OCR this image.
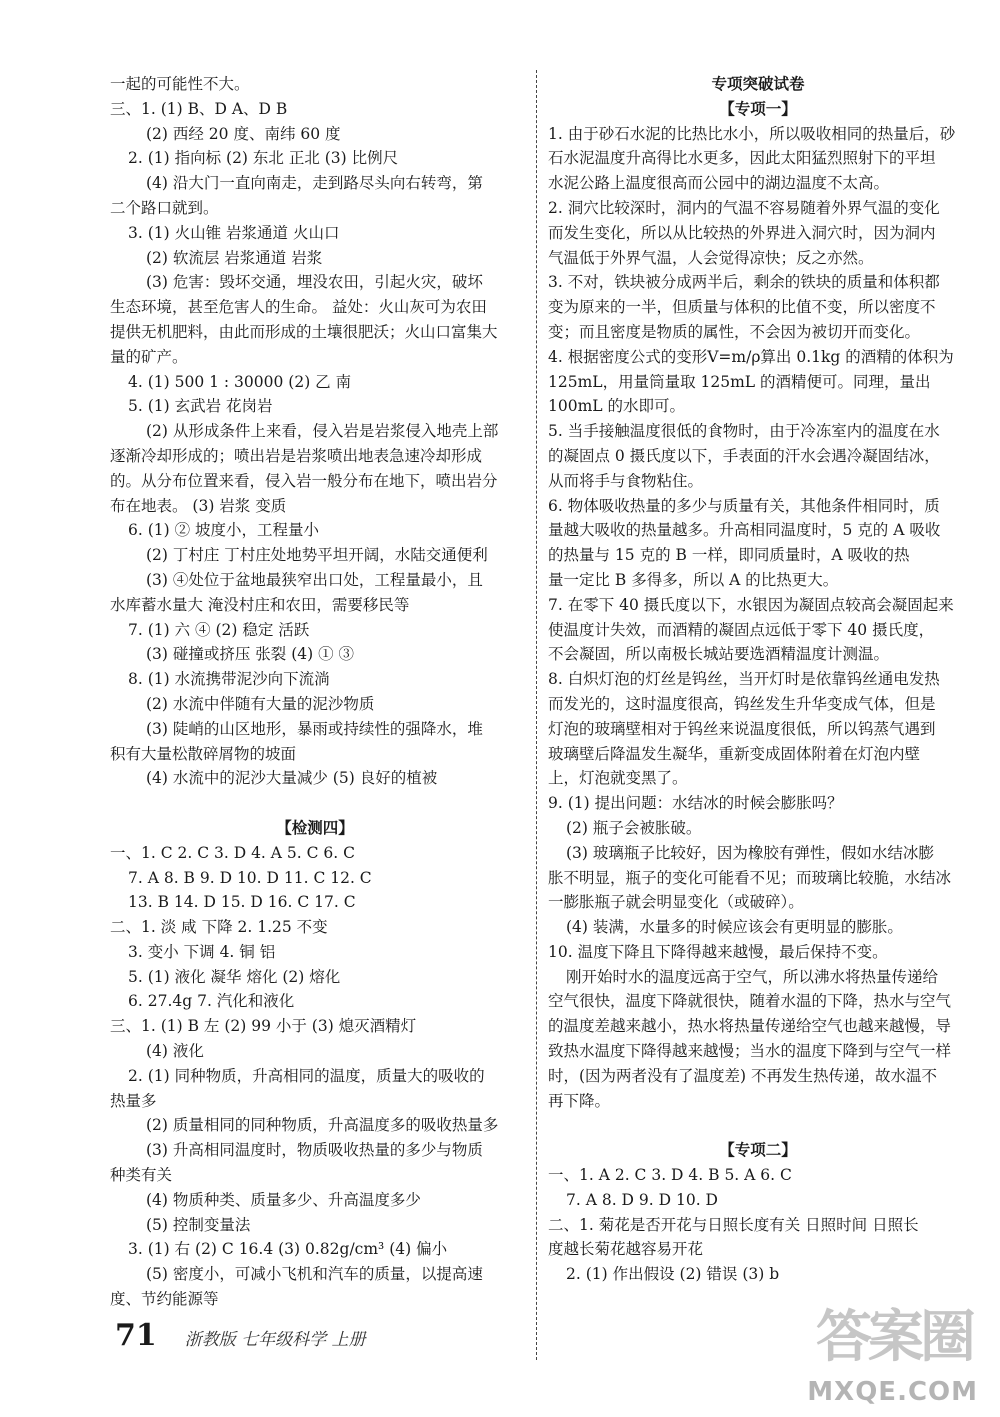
一起的可能性不大。
三、1. (1) B、D A、D B
(2) 西经 20 度、南纬 60 度
2. (1) 指向标 (2) 东北 正北 (3) 比例尺
(4) 沿大门一直向南走，走到路尽头向右转弯，第
二个路口就到。
3. (1) 火山锥 岩浆通道 火山口
(2) 软流层 岩浆通道 岩浆
(3) 危害：毁坏交通，埋没农田，引起火灾，破坏
生态环境，甚至危害人的生命。 益处：火山灰可为农田
提供无机肥料，由此而形成的土壤很肥沃；火山口富集大
量的矿产。
4. (1) 500 1 : 30000 (2) 乙 南
5. (1) 玄武岩 花岗岩
(2) 从形成条件上来看，侵入岩是岩浆侵入地壳上部
逐渐冷却形成的；喷出岩是岩浆喷出地表急速冷却形成
的。从分布位置来看，侵入岩一般分布在地下，喷出岩分
布在地表。 (3) 岩浆 变质
6. (1) ② 坡度小，工程量小
(2) 丁村庄 丁村庄处地势平坦开阔，水陆交通便利
(3) ④处位于盆地最狭窄出口处，工程量最小，且
水库蓄水量大 淹没村庄和农田，需要移民等
7. (1) 六 ④ (2) 稳定 活跃
(3) 碰撞或挤压 张裂 (4) ① ③
8. (1) 水流携带泥沙向下流淌
(2) 水流中伴随有大量的泥沙物质
(3) 陡峭的山区地形，暴雨或持续性的强降水，堆
积有大量松散碎屑物的坡面
(4) 水流中的泥沙大量减少 (5) 良好的植被
【检测四】
一、1. C 2. C 3. D 4. A 5. C 6. C
7. A 8. B 9. D 10. D 11. C 12. C
13. B 14. D 15. D 16. C 17. C
二、1. 淡 咸 下降 2. 1.25 不变
3. 变小 下调 4. 铜 铝
5. (1) 液化 凝华 熔化 (2) 熔化
6. 27.4g 7. 汽化和液化
三、1. (1) B 左 (2) 99 小于 (3) 熄灭酒精灯
(4) 液化
2. (1) 同种物质，升高相同的温度，质量大的吸收的
热量多
(2) 质量相同的同种物质，升高温度多的吸收热量多
(3) 升高相同温度时，物质吸收热量的多少与物质
种类有关
(4) 物质种类、质量多少、升高温度多少
(5) 控制变量法
3. (1) 右 (2) C 16.4 (3) 0.82g/cm³ (4) 偏小
(5) 密度小，可减小飞机和汽车的质量，以提高速
度、节约能源等
专项突破试卷
【专项一】
1. 由于砂石水泥的比热比水小，所以吸收相同的热量后，砂
石水泥温度升高得比水更多，因此太阳猛烈照射下的平坦
水泥公路上温度很高而公园中的湖边温度不太高。
2. 洞穴比较深时，洞内的气温不容易随着外界气温的变化
而发生变化，所以从比较热的外界进入洞穴时，因为洞内
气温低于外界气温，人会觉得凉快；反之亦然。
3. 不对，铁块被分成两半后，剩余的铁块的质量和体积都
变为原来的一半，但质量与体积的比值不变，所以密度不
变；而且密度是物质的属性，不会因为被切开而变化。
4. 根据密度公式的变形V=m/ρ算出 0.1kg 的酒精的体积为
125mL，用量筒量取 125mL 的酒精便可。同理，量出
100mL 的水即可。
5. 当手接触温度很低的食物时，由于冷冻室内的温度在水
的凝固点 0 摄氏度以下，手表面的汗水会遇冷凝固结冰，
从而将手与食物粘住。
6. 物体吸收热量的多少与质量有关，其他条件相同时，质
量越大吸收的热量越多。升高相同温度时，5 克的 A 吸收
的热量与 15 克的 B 一样，即同质量时，A 吸收的热
量一定比 B 多得多，所以 A 的比热更大。
7. 在零下 40 摄氏度以下，水银因为凝固点较高会凝固起来
使温度计失效，而酒精的凝固点远低于零下 40 摄氏度，
不会凝固，所以南极长城站要选酒精温度计测温。
8. 白炽灯泡的灯丝是钨丝，当开灯时是依靠钨丝通电发热
而发光的，这时温度很高，钨丝发生升华变成气体，但是
灯泡的玻璃壁相对于钨丝来说温度很低，所以钨蒸气遇到
玻璃壁后降温发生凝华，重新变成固体附着在灯泡内壁
上，灯泡就变黑了。
9. (1) 提出问题：水结冰的时候会膨胀吗？
(2) 瓶子会被胀破。
(3) 玻璃瓶子比较好，因为橡胶有弹性，假如水结冰膨
胀不明显，瓶子的变化可能看不见；而玻璃比较脆，水结冰
一膨胀瓶子就会明显变化（或破碎）。
(4) 装满，水量多的时候应该会有更明显的膨胀。
10. 温度下降且下降得越来越慢，最后保持不变。
刚开始时水的温度远高于空气，所以沸水将热量传递给
空气很快，温度下降就很快，随着水温的下降，热水与空气
的温度差越来越小，热水将热量传递给空气也越来越慢，导
致热水温度下降得越来越慢；当水的温度下降到与空气一样
时，(因为两者没有了温度差) 不再发生热传递，故水温不
再下降。
【专项二】
一、1. A 2. C 3. D 4. B 5. A 6. C
7. A 8. D 9. D 10. D
二、1. 菊花是否开花与日照长度有关 日照时间 日照长
度越长菊花越容易开花
2. (1) 作出假设 (2) 错误 (3) b
71 浙教版 七年级科学 上册	答案圈
MXQE.COM
